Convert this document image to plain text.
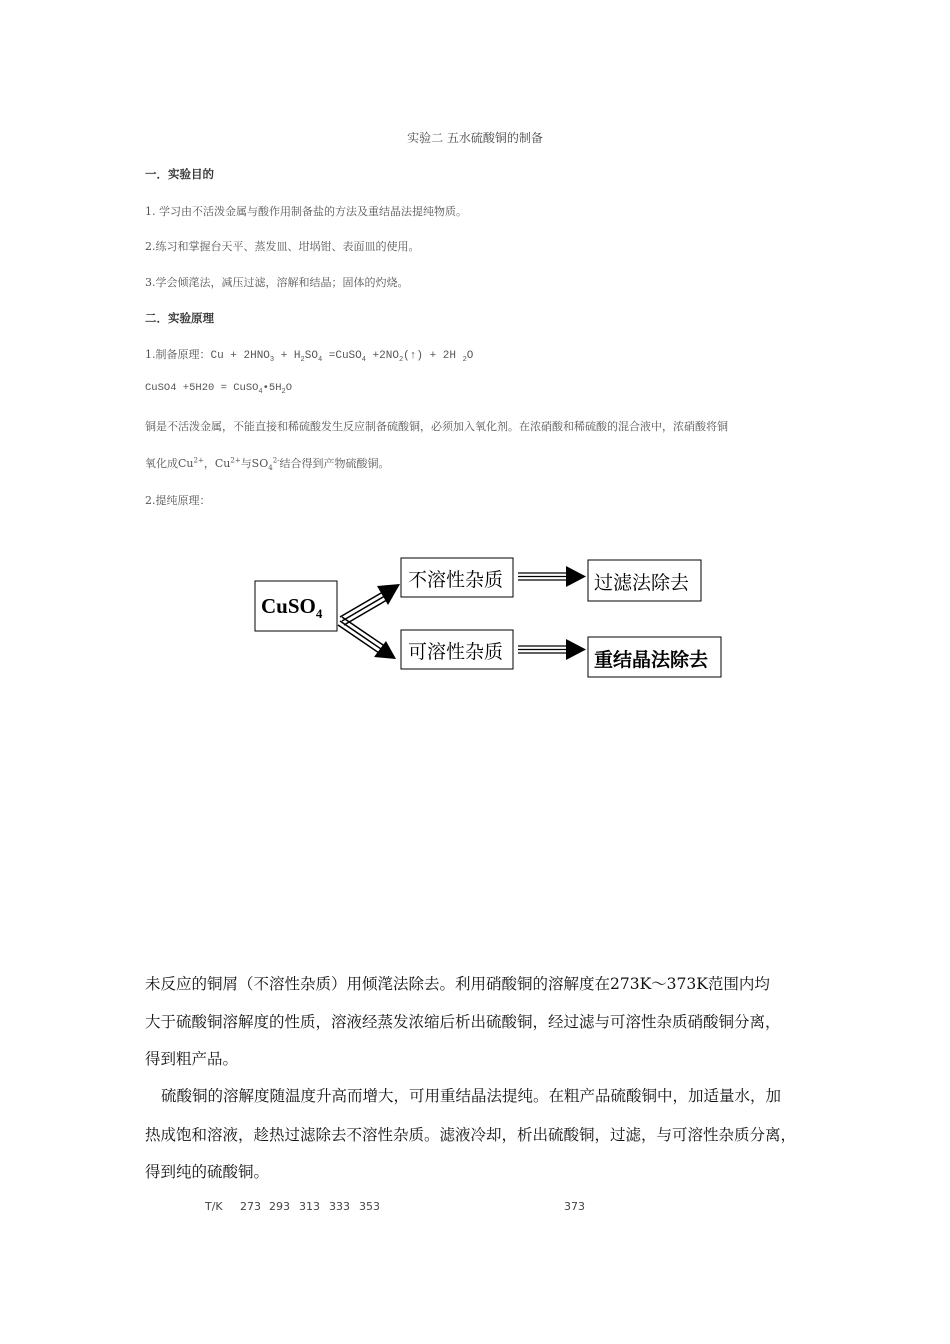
实验二 五水硫酸铜的制备
一．实验目的
1. 学习由不活泼金属与酸作用制备盐的方法及重结晶法提纯物质。
2.练习和掌握台天平、蒸发皿、坩埚钳、表面皿的使用。
3.学会倾滗法，减压过滤，溶解和结晶；固体的灼烧。
二．实验原理
1.制备原理：$Cu + 2HNO_3 + H_2SO_4$ =CuSO$_4$ $+2NO_2(↑) + 2H$ $_2$O
CuSO4 $+5H20 = CuSO_4•5H_2O$
铜是不活泼金属，不能直接和稀硫酸发生反应制备硫酸铜，必须加入氧化剂。在浓硝酸和稀硫酸的混合液中，浓硝酸将铜
氧化成$Cu^{2+}$，$Cu^{2+}$与$SO_4^{2-}$结合得到产物硫酸铜。
2.提纯原理：
CuSO$_4$
不溶性杂质
可溶性杂质
过滤法除去
重结晶法除去
未反应的铜屑（不溶性杂质）用倾滗法除去。利用硝酸铜的溶解度在273K～373K范围内均
大于硫酸铜溶解度的性质，溶液经蒸发浓缩后析出硫酸铜，经过滤与可溶性杂质硝酸铜分离，
得到粗产品。
硫酸铜的溶解度随温度升高而增大，可用重结晶法提纯。在粗产品硫酸铜中，加适量水，加
热成饱和溶液，趁热过滤除去不溶性杂质。滤液冷却，析出硫酸铜，过滤，与可溶性杂质分离，
得到纯的硫酸铜。
T/K 273 293 313 333 353	373
